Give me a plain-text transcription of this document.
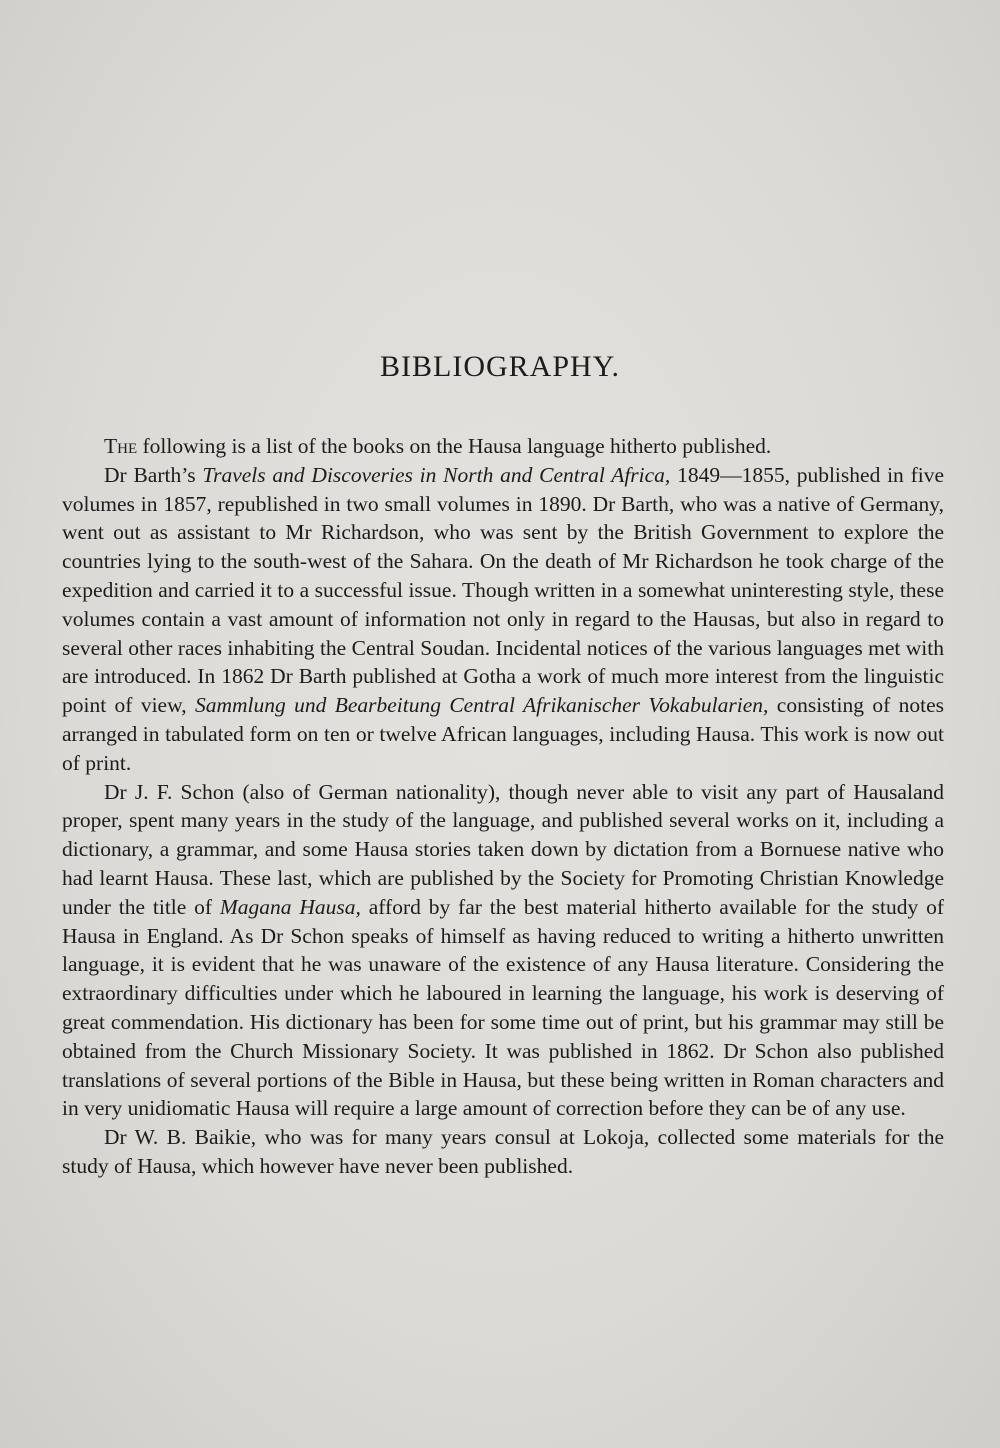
BIBLIOGRAPHY.

The following is a list of the books on the Hausa language hitherto published.

Dr Barth’s Travels and Discoveries in North and Central Africa, 1849—1855, published in five volumes in 1857, republished in two small volumes in 1890. Dr Barth, who was a native of Germany, went out as assistant to Mr Richardson, who was sent by the British Government to explore the countries lying to the south-west of the Sahara. On the death of Mr Richardson he took charge of the expedition and carried it to a successful issue. Though written in a somewhat uninteresting style, these volumes contain a vast amount of information not only in regard to the Hausas, but also in regard to several other races inhabiting the Central Soudan. Incidental notices of the various languages met with are introduced. In 1862 Dr Barth published at Gotha a work of much more interest from the linguistic point of view, Sammlung und Bearbeitung Central Afrikanischer Vokabularien, consisting of notes arranged in tabulated form on ten or twelve African languages, including Hausa. This work is now out of print.

Dr J. F. Schon (also of German nationality), though never able to visit any part of Hausaland proper, spent many years in the study of the language, and published several works on it, including a dictionary, a grammar, and some Hausa stories taken down by dictation from a Bornuese native who had learnt Hausa. These last, which are published by the Society for Promoting Christian Knowledge under the title of Magana Hausa, afford by far the best material hitherto available for the study of Hausa in England. As Dr Schon speaks of himself as having reduced to writing a hitherto unwritten language, it is evident that he was unaware of the existence of any Hausa literature. Considering the extraordinary difficulties under which he laboured in learning the language, his work is deserving of great commendation. His dictionary has been for some time out of print, but his grammar may still be obtained from the Church Missionary Society. It was published in 1862. Dr Schon also published translations of several portions of the Bible in Hausa, but these being written in Roman characters and in very unidiomatic Hausa will require a large amount of correction before they can be of any use.

Dr W. B. Baikie, who was for many years consul at Lokoja, collected some materials for the study of Hausa, which however have never been published.
